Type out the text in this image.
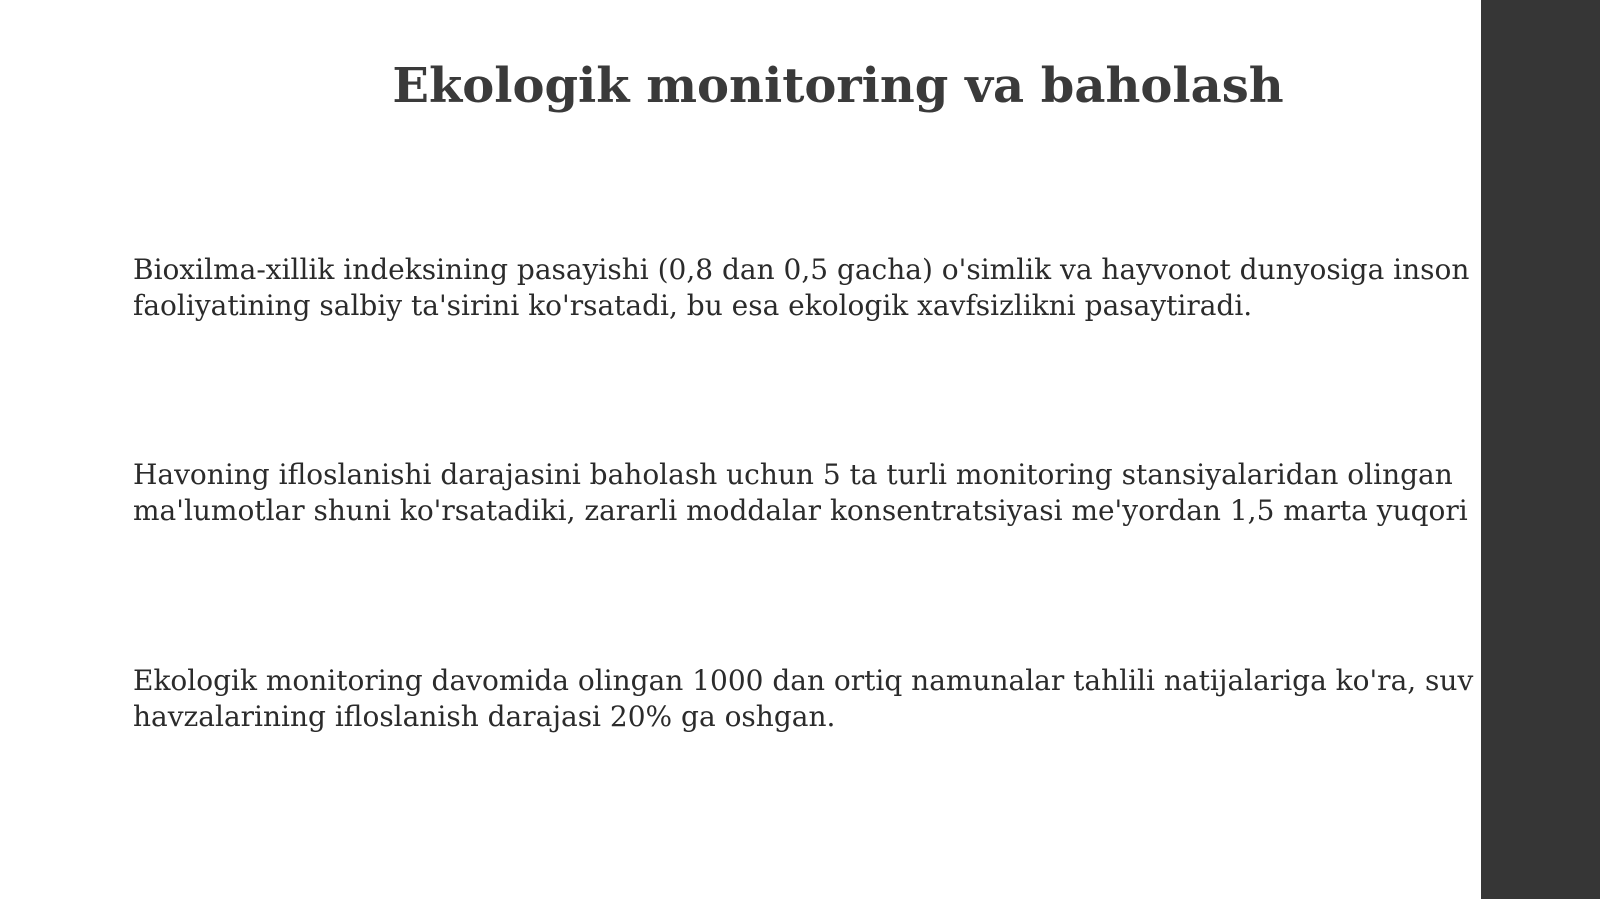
Ekologik monitoring va baholash

Bioxilma-xillik indeksining pasayishi (0,8 dan 0,5 gacha) o'simlik va hayvonot dunyosiga inson
faoliyatining salbiy ta'sirini ko'rsatadi, bu esa ekologik xavfsizlikni pasaytiradi.

Havoning ifloslanishi darajasini baholash uchun 5 ta turli monitoring stansiyalaridan olingan
ma'lumotlar shuni ko'rsatadiki, zararli moddalar konsentratsiyasi me'yordan 1,5 marta yuqori

Ekologik monitoring davomida olingan 1000 dan ortiq namunalar tahlili natijalariga ko'ra, suv
havzalarining ifloslanish darajasi 20% ga oshgan.
